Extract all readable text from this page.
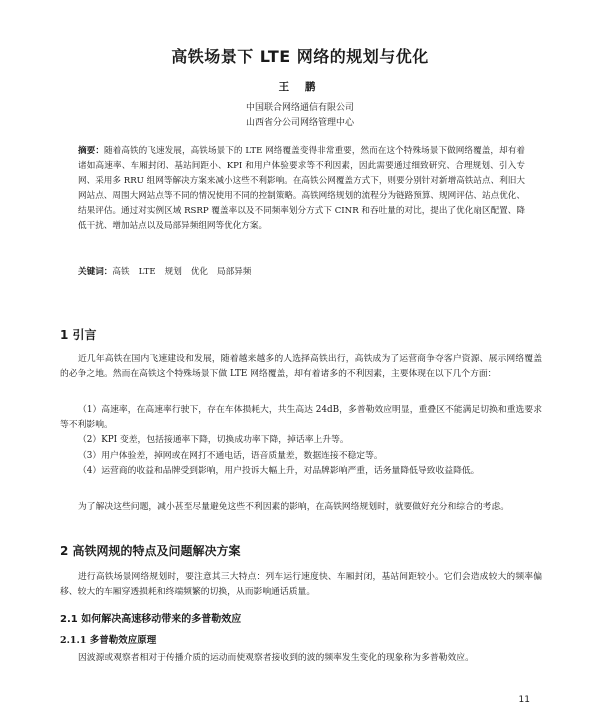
高铁场景下 LTE 网络的规划与优化
王 鹏
中国联合网络通信有限公司
山西省分公司网络管理中心

摘要：随着高铁的飞速发展，高铁场景下的 LTE 网络覆盖变得非常重要，然而在这个特殊场景下做网络覆盖，却有着诸如高速率、车厢封闭、基站间距小、KPI 和用户体验要求等不利因素，因此需要通过细致研究、合理规划、引入专网、采用多 RRU 组网等解决方案来减小这些不利影响。在高铁公网覆盖方式下，则要分别针对新增高铁站点、利旧大网站点、周围大网站点等不同的情况使用不同的控制策略。高铁网络规划的流程分为链路预算、规网评估、站点优化、结果评估。通过对实例区域 RSRP 覆盖率以及不同频率划分方式下 CINR 和吞吐量的对比，提出了优化扇区配置、降低干扰、增加站点以及局部异频组网等优化方案。

关键词：高铁 LTE 规划 优化 局部异频

1 引言

近几年高铁在国内飞速建设和发展，随着越来越多的人选择高铁出行，高铁成为了运营商争夺客户资源、展示网络覆盖的必争之地。然而在高铁这个特殊场景下做 LTE 网络覆盖，却有着诸多的不利因素，主要体现在以下几个方面：

（1）高速率，在高速率行驶下，存在车体损耗大，共生高达 24dB，多普勒效应明显，重叠区不能满足切换和重选要求等不利影响。
（2）KPI 变差，包括接通率下降，切换成功率下降，掉话率上升等。
（3）用户体验差，掉网或在网打不通电话，语音质量差，数据连接不稳定等。
（4）运营商的收益和品牌受到影响，用户投诉大幅上升，对品牌影响严重，话务量降低导致收益降低。

为了解决这些问题，减小甚至尽量避免这些不利因素的影响，在高铁网络规划时，就要做好充分和综合的考虑。

2 高铁网规的特点及问题解决方案

进行高铁场景网络规划时，要注意其三大特点：列车运行速度快、车厢封闭，基站间距较小。它们会造成较大的频率偏移、较大的车厢穿透损耗和终端频繁的切换，从而影响通话质量。

2.1 如何解决高速移动带来的多普勒效应
2.1.1 多普勒效应原理

因波源或观察者相对于传播介质的运动而使观察者接收到的波的频率发生变化的现象称为多普勒效应。

11
